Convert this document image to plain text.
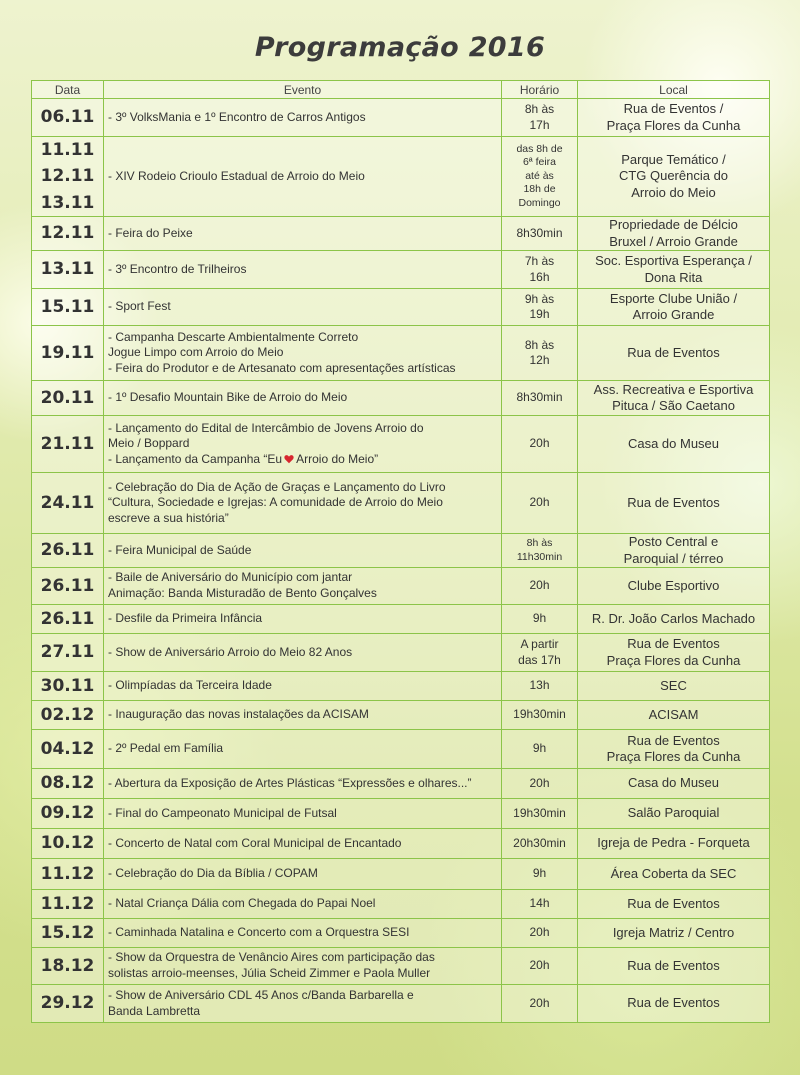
Programação 2016
Data	Evento	Horário	Local

06.11	- 3º VolksMania e 1º Encontro de Carros Antigos	8h às
17h	Rua de Eventos /
Praça Flores da Cunha

11.11
12.11
13.11	- XIV Rodeio Crioulo Estadual de Arroio do Meio	das 8h de
6ª feira
até às
18h de
Domingo	Parque Temático /
CTG Querência do
Arroio do Meio

12.11	- Feira do Peixe	8h30min	Propriedade de Délcio
Bruxel / Arroio Grande

13.11	- 3º Encontro de Trilheiros	7h às
16h	Soc. Esportiva Esperança /
Dona Rita

15.11	- Sport Fest	9h às
19h	Esporte Clube União /
Arroio Grande

19.11	- Campanha Descarte Ambientalmente Correto
Jogue Limpo com Arroio do Meio
- Feira do Produtor e de Artesanato com apresentações artísticas	8h às
12h	Rua de Eventos

20.11	- 1º Desafio Mountain Bike de Arroio do Meio	8h30min	Ass. Recreativa e Esportiva
Pituca / São Caetano

21.11	- Lançamento do Edital de Intercâmbio de Jovens Arroio do
Meio / Boppard
- Lançamento da Campanha “Eu Arroio do Meio”	20h	Casa do Museu

24.11	- Celebração do Dia de Ação de Graças e Lançamento do Livro
“Cultura, Sociedade e Igrejas: A comunidade de Arroio do Meio
escreve a sua história”	20h	Rua de Eventos

26.11	- Feira Municipal de Saúde	8h às
11h30min	Posto Central e
Paroquial / térreo

26.11	- Baile de Aniversário do Município com jantar
Animação: Banda Misturadão de Bento Gonçalves	20h	Clube Esportivo

26.11	- Desfile da Primeira Infância	9h	R. Dr. João Carlos Machado

27.11	- Show de Aniversário Arroio do Meio 82 Anos	A partir
das 17h	Rua de Eventos
Praça Flores da Cunha

30.11	- Olimpíadas da Terceira Idade	13h	SEC

02.12	- Inauguração das novas instalações da ACISAM	19h30min	ACISAM

04.12	- 2º Pedal em Família	9h	Rua de Eventos
Praça Flores da Cunha

08.12	- Abertura da Exposição de Artes Plásticas “Expressões e olhares...”	20h	Casa do Museu

09.12	- Final do Campeonato Municipal de Futsal	19h30min	Salão Paroquial

10.12	- Concerto de Natal com Coral Municipal de Encantado	20h30min	Igreja de Pedra - Forqueta

11.12	- Celebração do Dia da Bíblia / COPAM	9h	Área Coberta da SEC

11.12	- Natal Criança Dália com Chegada do Papai Noel	14h	Rua de Eventos

15.12	- Caminhada Natalina e Concerto com a Orquestra SESI	20h	Igreja Matriz / Centro

18.12	- Show da Orquestra de Venâncio Aires com participação das
solistas arroio-meenses, Júlia Scheid Zimmer e Paola Muller	20h	Rua de Eventos

29.12	- Show de Aniversário CDL 45 Anos c/Banda Barbarella e
Banda Lambretta	20h	Rua de Eventos
